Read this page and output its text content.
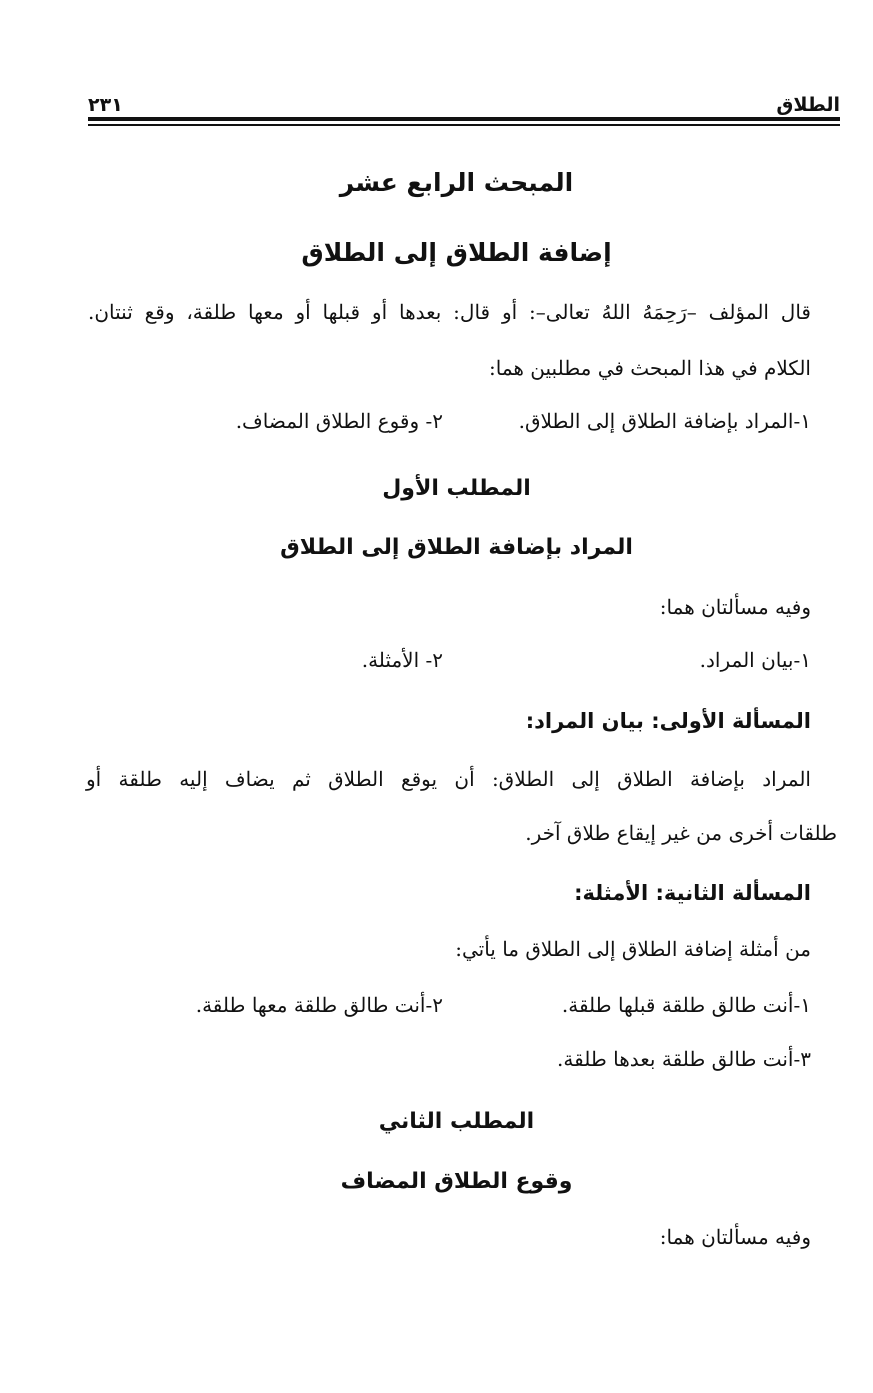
الطلاق
٢٣١
المبحث الرابع عشر
إضافة الطلاق إلى الطلاق
قال المؤلف –رَحِمَهُ اللهُ تعالى–: أو قال: بعدها أو قبلها أو معها طلقة، وقع ثنتان.
الكلام في هذا المبحث في مطلبين هما:
١-المراد بإضافة الطلاق إلى الطلاق.
٢- وقوع الطلاق المضاف.
المطلب الأول
المراد بإضافة الطلاق إلى الطلاق
وفيه مسألتان هما:
١-بيان المراد.
٢- الأمثلة.
المسألة الأولى: بيان المراد:
المراد بإضافة الطلاق إلى الطلاق: أن يوقع الطلاق ثم يضاف إليه طلقة أو
طلقات أخرى من غير إيقاع طلاق آخر.
المسألة الثانية: الأمثلة:
من أمثلة إضافة الطلاق إلى الطلاق ما يأتي:
١-أنت طالق طلقة قبلها طلقة.
٢-أنت طالق طلقة معها طلقة.
٣-أنت طالق طلقة بعدها طلقة.
المطلب الثاني
وقوع الطلاق المضاف
وفيه مسألتان هما:
